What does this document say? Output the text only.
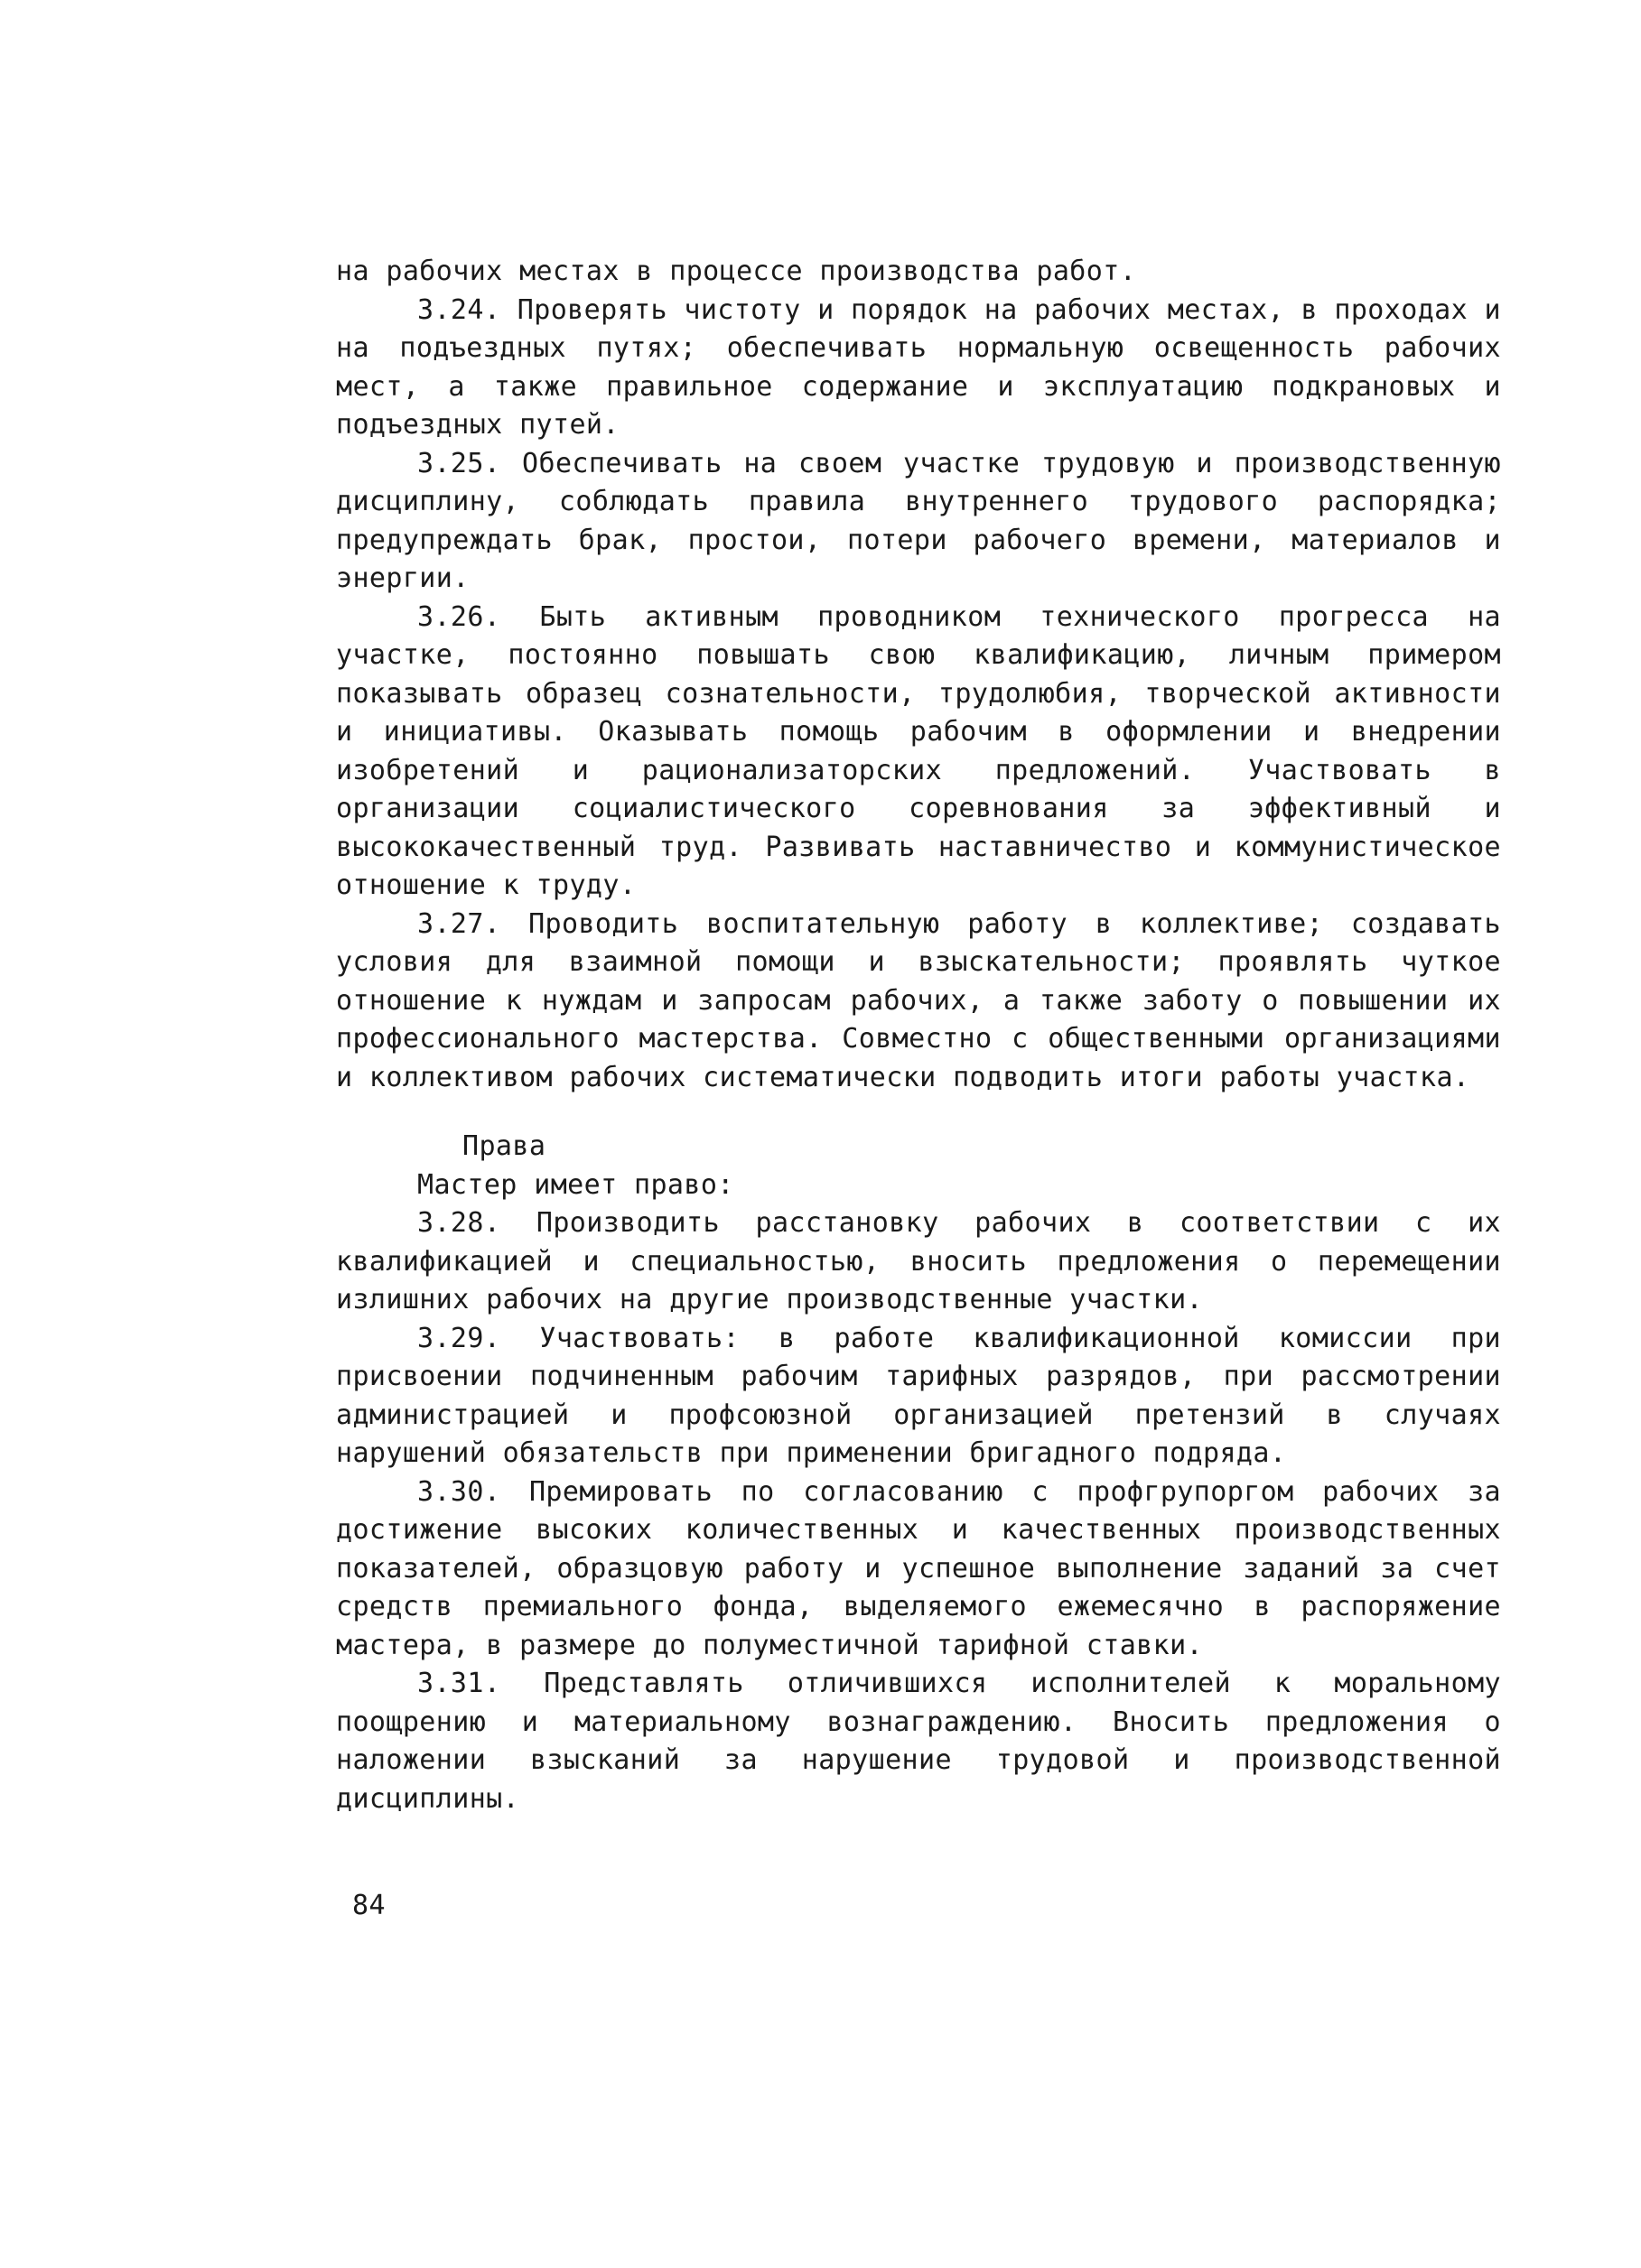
на рабочих местах в процессе производства работ.

3.24. Проверять чистоту и порядок на рабочих местах, в проходах и на подъездных путях; обеспечивать нормальную освещенность рабочих мест, а также правильное содержание и эксплуатацию подкрановых и подъездных путей.

3.25. Обеспечивать на своем участке трудовую и производственную дисциплину, соблюдать правила внутреннего трудового распорядка; предупреждать брак, простои, потери рабочего времени, материалов и энергии.

3.26. Быть активным проводником технического прогресса на участке, постоянно повышать свою квалификацию, личным примером показывать образец сознательности, трудолюбия, творческой активности и инициативы. Оказывать помощь рабочим в оформлении и внедрении изобретений и рационализаторских предложений. Участвовать в организации социалистического соревнования за эффективный и высококачественный труд. Развивать наставничество и коммунистическое отношение к труду.

3.27. Проводить воспитательную работу в коллективе; создавать условия для взаимной помощи и взыскательности; проявлять чуткое отношение к нуждам и запросам рабочих, а также заботу о повышении их профессионального мастерства. Совместно с общественными организациями и коллективом рабочих систематически подводить итоги работы участка.

Права

Мастер имеет право:

3.28. Производить расстановку рабочих в соответствии с их квалификацией и специальностью, вносить предложения о перемещении излишних рабочих на другие производственные участки.

3.29. Участвовать: в работе квалификационной комиссии при присвоении подчиненным рабочим тарифных разрядов, при рассмотрении администрацией и профсоюзной организацией претензий в случаях нарушений обязательств при применении бригадного подряда.

3.30. Премировать по согласованию с профгрупоргом рабочих за достижение высоких количественных и качественных производственных показателей, образцовую работу и успешное выполнение заданий за счет средств премиального фонда, выделяемого ежемесячно в распоряжение мастера, в размере до полуместичной тарифной ставки.

3.31. Представлять отличившихся исполнителей к моральному поощрению и материальному вознаграждению. Вносить предложения о наложении взысканий за нарушение трудовой и производственной дисциплины.

84
